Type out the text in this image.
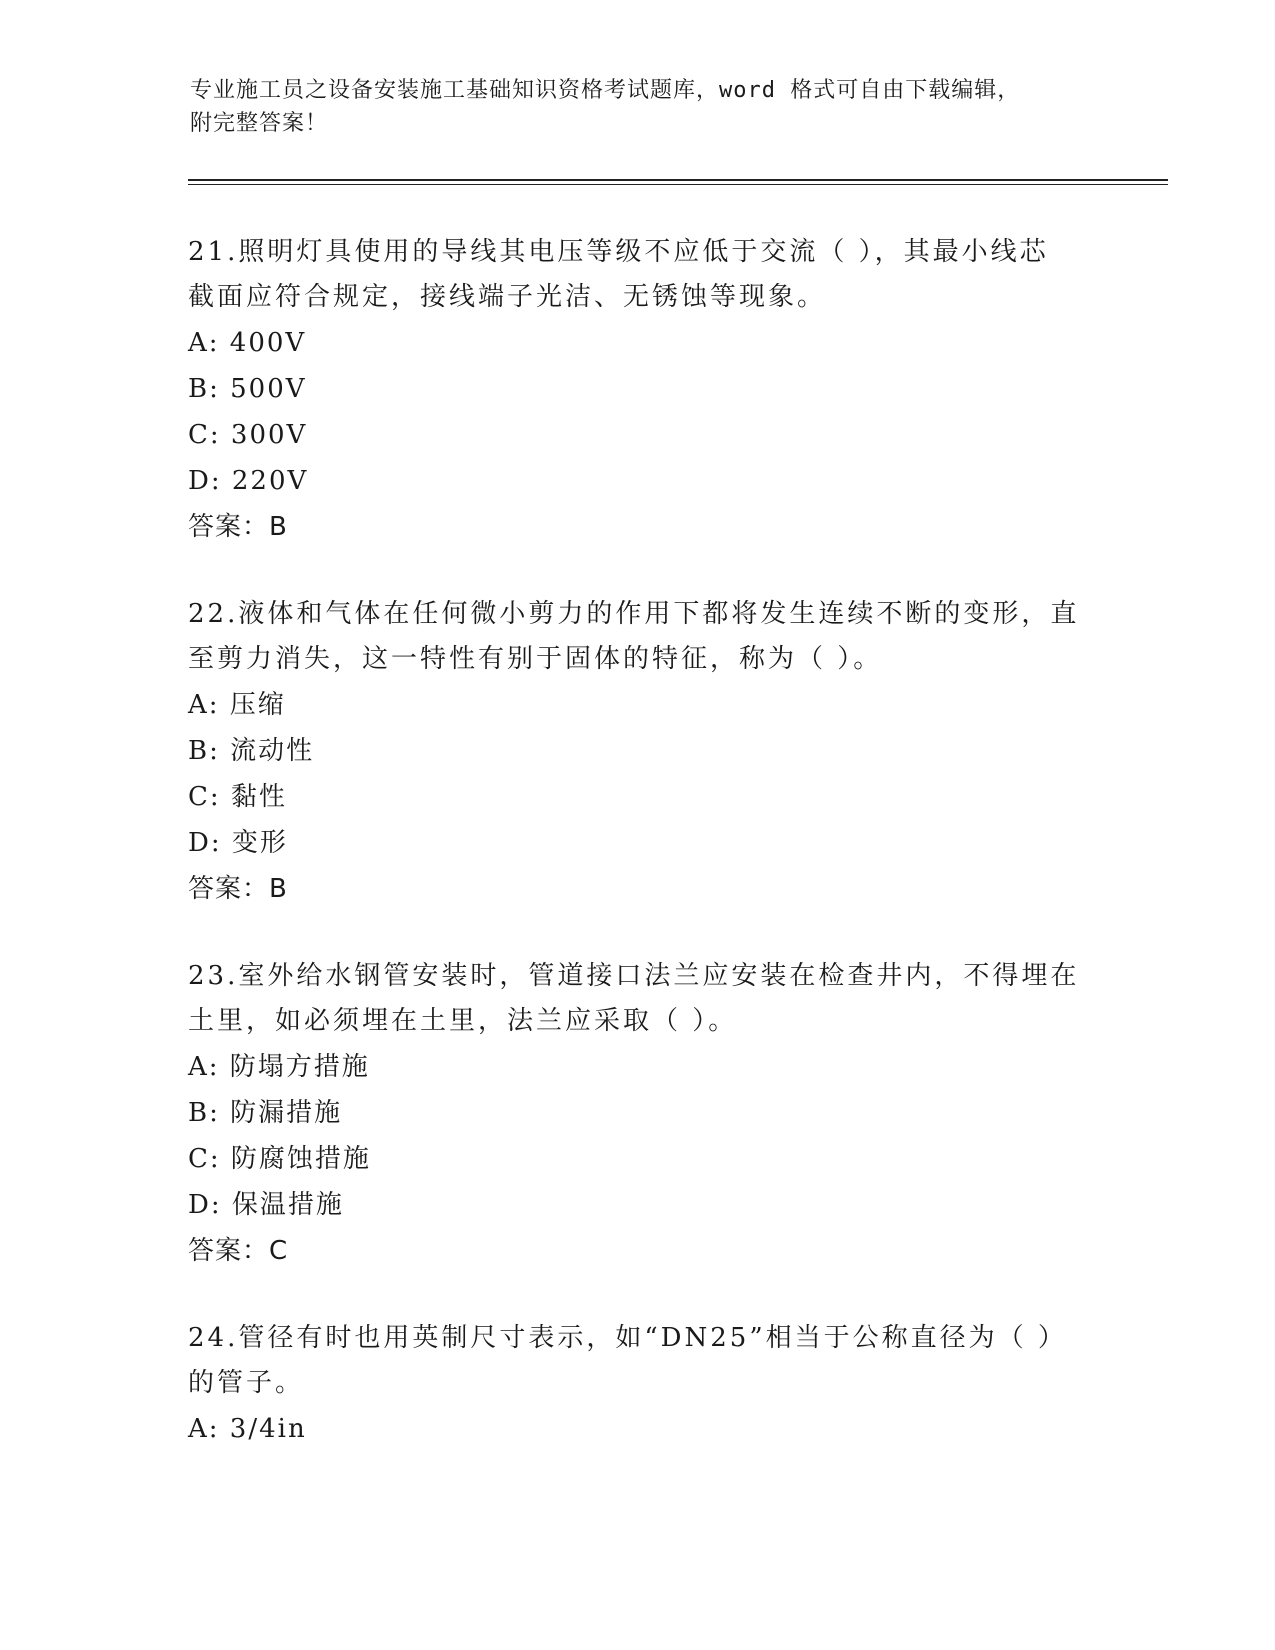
专业施工员之设备安装施工基础知识资格考试题库，word 格式可自由下载编辑，
附完整答案！
21.照明灯具使用的导线其电压等级不应低于交流（ ），其最小线芯
截面应符合规定，接线端子光洁、无锈蚀等现象。
A: 400V
B: 500V
C: 300V
D: 220V
答案：B
22.液体和气体在任何微小剪力的作用下都将发生连续不断的变形，直
至剪力消失，这一特性有别于固体的特征，称为（ ）。
A: 压缩
B: 流动性
C: 黏性
D: 变形
答案：B
23.室外给水钢管安装时，管道接口法兰应安装在检查井内，不得埋在
土里，如必须埋在土里，法兰应采取（ ）。
A: 防塌方措施
B: 防漏措施
C: 防腐蚀措施
D: 保温措施
答案：C
24.管径有时也用英制尺寸表示，如“DN25”相当于公称直径为（ ）
的管子。
A: 3/4in
